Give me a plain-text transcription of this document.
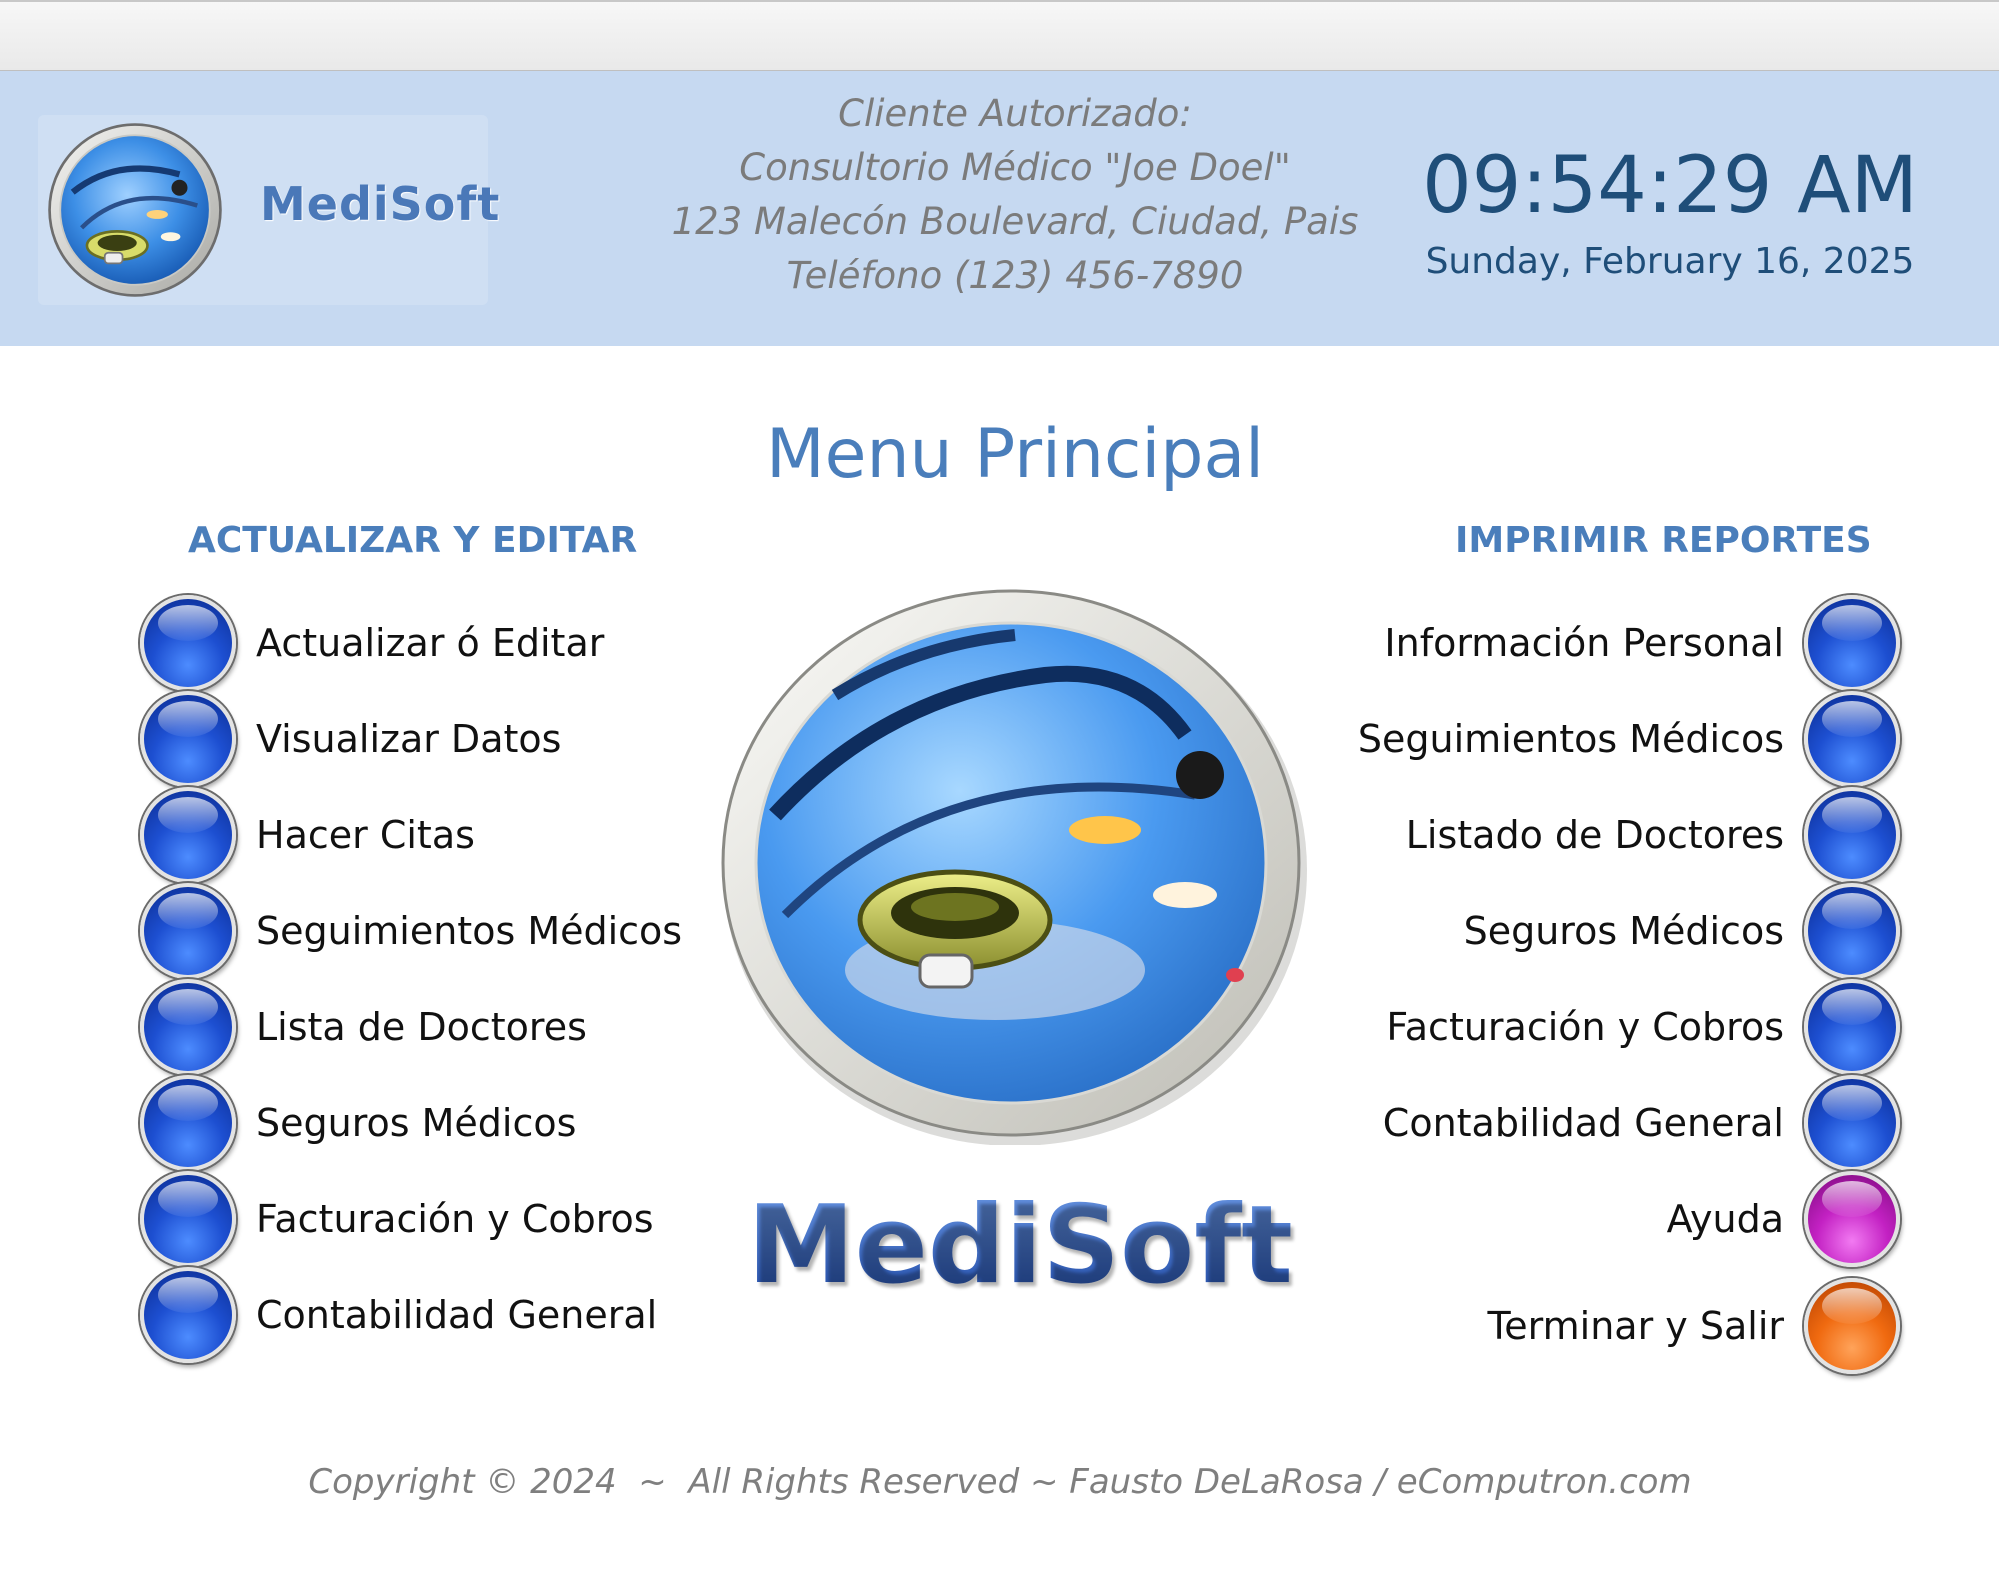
MediSoft
Cliente Autorizado:
Consultorio Médico "Joe Doel"
123 Malecón Boulevard, Ciudad, Pais
Teléfono (123) 456-7890
09:54:29 AM
Sunday, February 16, 2025
Menu Principal
ACTUALIZAR Y EDITAR	IMPRIMIR REPORTES
Actualizar ó Editar
Visualizar Datos
Hacer Citas
Seguimientos Médicos
Lista de Doctores
Seguros Médicos
Facturación y Cobros
Contabilidad General
MediSoft
Información Personal
Seguimientos Médicos
Listado de Doctores
Seguros Médicos
Facturación y Cobros
Contabilidad General
Ayuda
Terminar y Salir
Copyright © 2024  ~  All Rights Reserved ~ Fausto DeLaRosa / eComputron.com
